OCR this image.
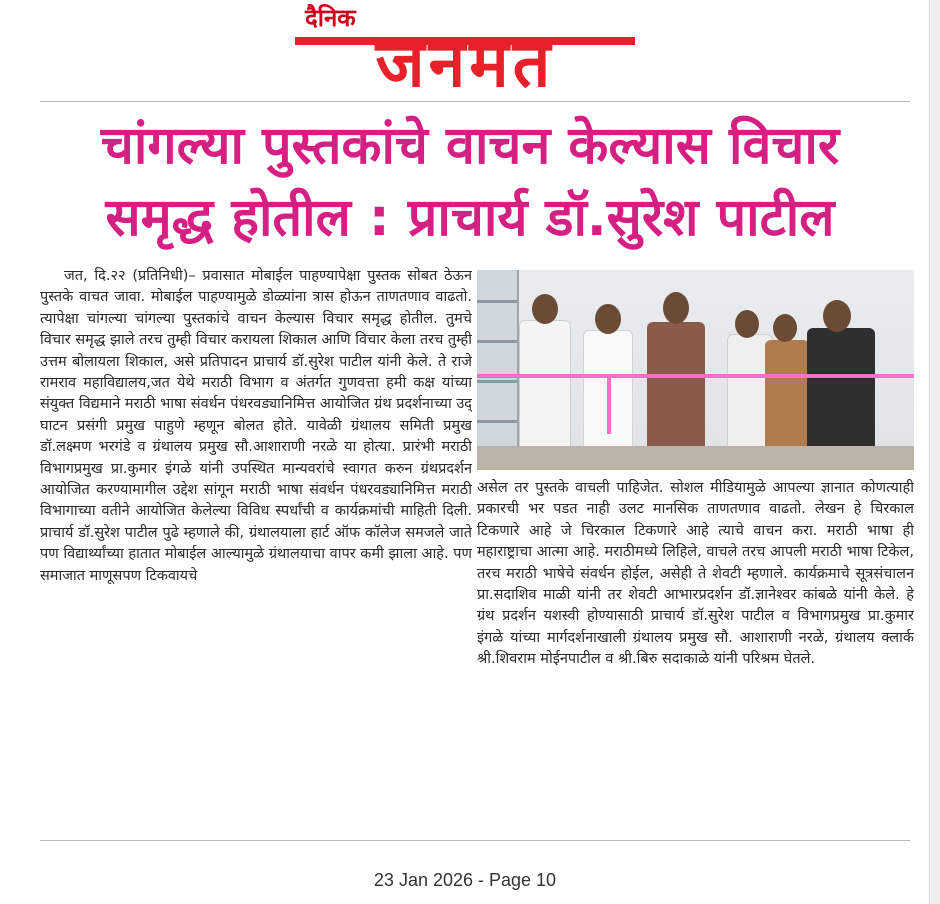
दैनिक
जनमत
चांगल्या पुस्तकांचे वाचन केल्यास विचार
समृद्ध होतील : प्राचार्य डॉ.सुरेश पाटील

जत, दि.२२ (प्रतिनिधी)– प्रवासात मोबाईल पाहण्यापेक्षा पुस्तक सोबत ठेऊन पुस्तके वाचत जावा. मोबाईल पाहण्यामुळे डोळ्यांना त्रास होऊन ताणतणाव वाढतो. त्यापेक्षा चांगल्या चांगल्या पुस्तकांचे वाचन केल्यास विचार समृद्ध होतील. तुमचे विचार समृद्ध झाले तरच तुम्ही विचार करायला शिकाल आणि विचार केला तरच तुम्ही उत्तम बोलायला शिकाल, असे प्रतिपादन प्राचार्य डॉ.सुरेश पाटील यांनी केले. ते राजे रामराव महाविद्यालय,जत येथे मराठी विभाग व अंतर्गत गुणवत्ता हमी कक्ष यांच्या संयुक्त विद्यमाने मराठी भाषा संवर्धन पंधरवड्यानिमित्त आयोजित ग्रंथ प्रदर्शनाच्या उद् घाटन प्रसंगी प्रमुख पाहुणे म्हणून बोलत होते. यावेळी ग्रंथालय समिती प्रमुख डॉ.लक्ष्मण भरगंडे व ग्रंथालय प्रमुख सौ.आशाराणी नरळे या होत्या. प्रारंभी मराठी विभागप्रमुख प्रा.कुमार इंगळे यांनी उपस्थित मान्यवरांचे स्वागत करुन ग्रंथप्रदर्शन आयोजित करण्यामागील उद्देश सांगून मराठी भाषा संवर्धन पंधरवड्यानिमित्त मराठी विभागाच्या वतीने आयोजित केलेल्या विविध स्पर्धांची व कार्यक्रमांची माहिती दिली. प्राचार्य डॉ.सुरेश पाटील पुढे म्हणाले की, ग्रंथालयाला हार्ट ऑफ कॉलेज समजले जाते पण विद्यार्थ्यांच्या हातात मोबाईल आल्यामुळे ग्रंथालयाचा वापर कमी झाला आहे. पण समाजात माणूसपण टिकवायचे

असेल तर पुस्तके वाचली पाहिजेत. सोशल मीडियामुळे आपल्या ज्ञानात कोणत्याही प्रकारची भर पडत नाही उलट मानसिक ताणतणाव वाढतो. लेखन हे चिरकाल टिकणारे आहे जे चिरकाल टिकणारे आहे त्याचे वाचन करा. मराठी भाषा ही महाराष्ट्राचा आत्मा आहे. मराठीमध्ये लिहिले, वाचले तरच आपली मराठी भाषा टिकेल, तरच मराठी भाषेचे संवर्धन होईल, असेही ते शेवटी म्हणाले. कार्यक्रमाचे सूत्रसंचालन प्रा.सदाशिव माळी यांनी तर शेवटी आभारप्रदर्शन डॉ.ज्ञानेश्वर कांबळे यांनी केले. हे ग्रंथ प्रदर्शन यशस्वी होण्यासाठी प्राचार्य डॉ.सुरेश पाटील व विभागप्रमुख प्रा.कुमार इंगळे यांच्या मार्गदर्शनाखाली ग्रंथालय प्रमुख सौ. आशाराणी नरळे, ग्रंथालय क्लार्क श्री.शिवराम मोईनपाटील व श्री.बिरु सदाकाळे यांनी परिश्रम घेतले.

23 Jan 2026 - Page 10
